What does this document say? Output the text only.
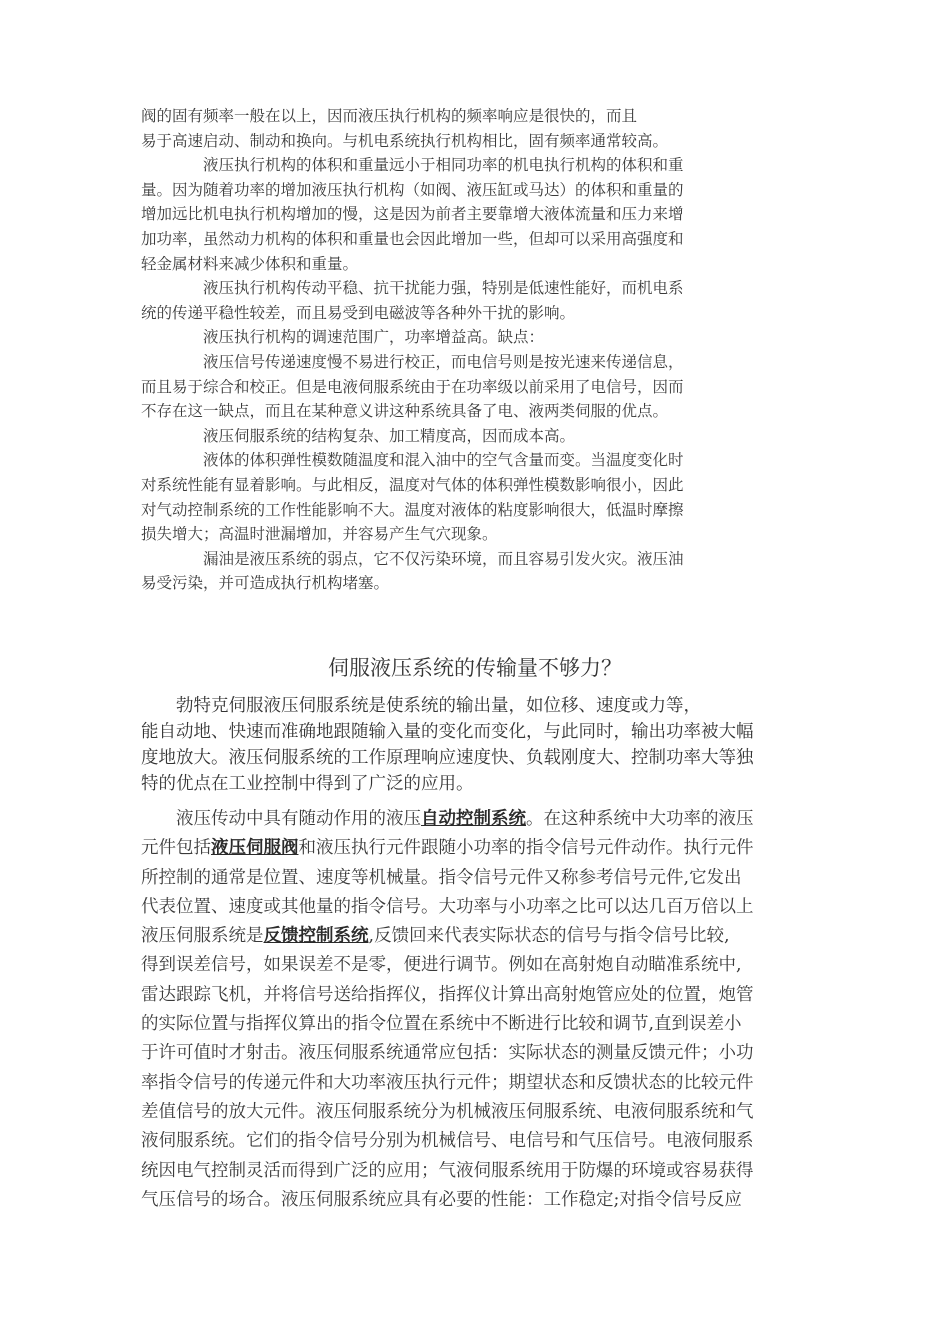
阀的固有频率一般在以上，因而液压执行机构的频率响应是很快的，而且
易于高速启动、制动和换向。与机电系统执行机构相比，固有频率通常较高。
液压执行机构的体积和重量远小于相同功率的机电执行机构的体积和重
量。因为随着功率的增加液压执行机构（如阀、液压缸或马达）的体积和重量的
增加远比机电执行机构增加的慢，这是因为前者主要靠增大液体流量和压力来增
加功率，虽然动力机构的体积和重量也会因此增加一些，但却可以采用高强度和
轻金属材料来减少体积和重量。
液压执行机构传动平稳、抗干扰能力强，特别是低速性能好，而机电系
统的传递平稳性较差，而且易受到电磁波等各种外干扰的影响。
液压执行机构的调速范围广，功率增益高。缺点：
液压信号传递速度慢不易进行校正，而电信号则是按光速来传递信息，
而且易于综合和校正。但是电液伺服系统由于在功率级以前采用了电信号，因而
不存在这一缺点，而且在某种意义讲这种系统具备了电、液两类伺服的优点。
液压伺服系统的结构复杂、加工精度高，因而成本高。
液体的体积弹性模数随温度和混入油中的空气含量而变。当温度变化时
对系统性能有显着影响。与此相反，温度对气体的体积弹性模数影响很小，因此
对气动控制系统的工作性能影响不大。温度对液体的粘度影响很大，低温时摩擦
损失增大；高温时泄漏增加，并容易产生气穴现象。
漏油是液压系统的弱点，它不仅污染环境，而且容易引发火灾。液压油
易受污染，并可造成执行机构堵塞。
伺服液压系统的传输量不够力？
勃特克伺服液压伺服系统是使系统的输出量，如位移、速度或力等，
能自动地、快速而准确地跟随输入量的变化而变化，与此同时，输出功率被大幅
度地放大。液压伺服系统的工作原理响应速度快、负载刚度大、控制功率大等独
特的优点在工业控制中得到了广泛的应用。
液压传动中具有随动作用的液压自动控制系统。在这种系统中大功率的液压
元件包括液压伺服阀和液压执行元件跟随小功率的指令信号元件动作。执行元件
所控制的通常是位置、速度等机械量。指令信号元件又称参考信号元件,它发出
代表位置、速度或其他量的指令信号。大功率与小功率之比可以达几百万倍以上
液压伺服系统是反馈控制系统,反馈回来代表实际状态的信号与指令信号比较,
得到误差信号，如果误差不是零，便进行调节。例如在高射炮自动瞄准系统中,
雷达跟踪飞机，并将信号送给指挥仪，指挥仪计算出高射炮管应处的位置，炮管
的实际位置与指挥仪算出的指令位置在系统中不断进行比较和调节,直到误差小
于许可值时才射击。液压伺服系统通常应包括：实际状态的测量反馈元件；小功
率指令信号的传递元件和大功率液压执行元件；期望状态和反馈状态的比较元件
差值信号的放大元件。液压伺服系统分为机械液压伺服系统、电液伺服系统和气
液伺服系统。它们的指令信号分别为机械信号、电信号和气压信号。电液伺服系
统因电气控制灵活而得到广泛的应用；气液伺服系统用于防爆的环境或容易获得
气压信号的场合。液压伺服系统应具有必要的性能：工作稳定;对指令信号反应
